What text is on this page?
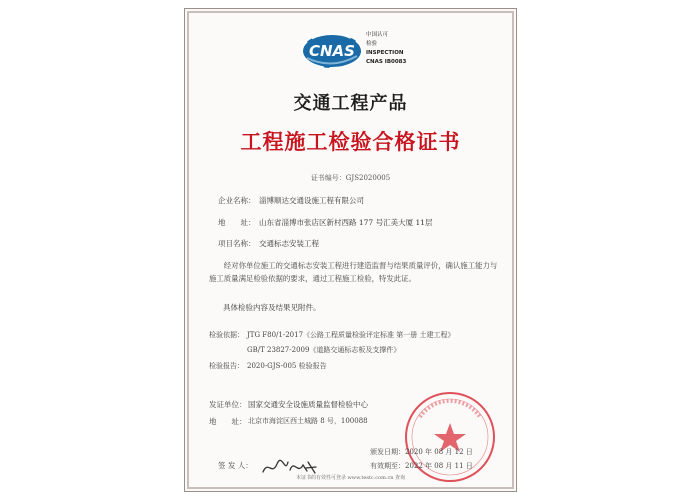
CNAS
中国认可
检验
INSPECTION
CNAS IB0083
交通工程产品
工程施工检验合格证书
证书编号：GJS2020005
企业名称： 淄博顺达交通设施工程有限公司
地　　址： 山东省淄博市张店区新村西路 177 号汇美大厦 11层
项目名称： 交通标志安装工程
经对你单位施工的交通标志安装工程进行建造监督与结果质量评价，确认施工能力与施工质量满足检验依据的要求，通过工程施工检验，特发此证。
具体检验内容及结果见附件。
检验依据： JTG F80/1-2017《公路工程质量检验评定标准 第一册 土建工程》
GB/T 23827-2009《道路交通标志板及支撑件》
检验报告： 2020-GJS-005 检验报告
发证单位： 国家交通安全设施质量监督检验中心
地　　址： 北京市海淀区西土城路 8 号，100088
颁发日期：2020 年 08 月 12 日
有效期至：2022 年 08 月 11 日
签 发 人：
本证书的有效性可登录 www.testc.com.cn 查询
